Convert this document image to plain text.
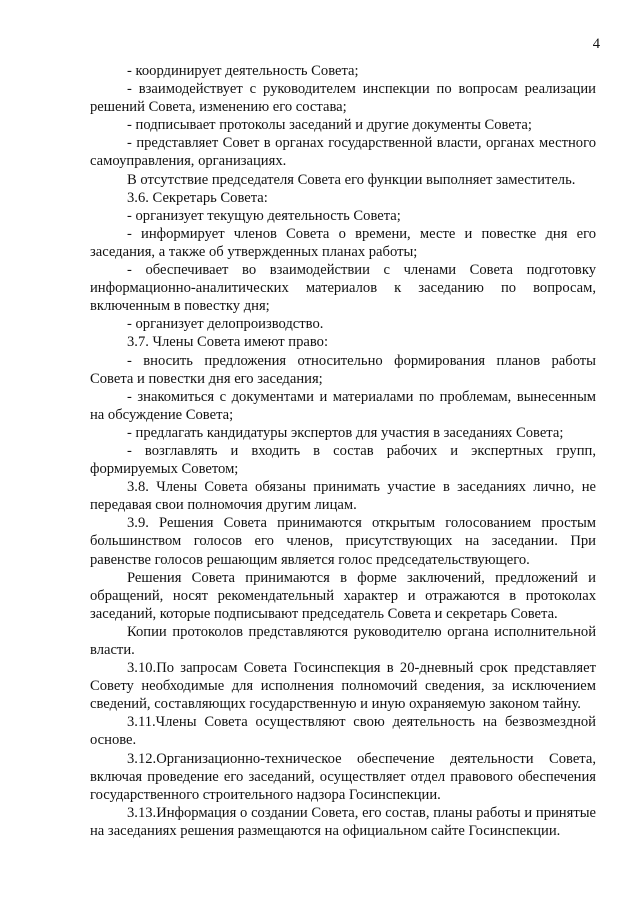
4

- координирует деятельность Совета;

- взаимодействует с руководителем инспекции по вопросам реализации решений Совета, изменению его состава;

- подписывает протоколы заседаний и другие документы Совета;

- представляет Совет в органах государственной власти, органах местного самоуправления, организациях.

В отсутствие председателя Совета его функции выполняет заместитель.

3.6. Секретарь Совета:

- организует текущую деятельность Совета;

- информирует членов Совета о времени, месте и повестке дня его заседания, а также об утвержденных планах работы;

- обеспечивает во взаимодействии с членами Совета подготовку информационно-аналитических материалов к заседанию по вопросам, включенным в повестку дня;

- организует делопроизводство.

3.7. Члены Совета имеют право:

- вносить предложения относительно формирования планов работы Совета и повестки дня его заседания;

- знакомиться с документами и материалами по проблемам, вынесенным на обсуждение Совета;

- предлагать кандидатуры экспертов для участия в заседаниях Совета;

- возглавлять и входить в состав рабочих и экспертных групп, формируемых Советом;

3.8. Члены Совета обязаны принимать участие в заседаниях лично, не передавая свои полномочия другим лицам.

3.9. Решения Совета принимаются открытым голосованием простым большинством голосов его членов, присутствующих на заседании. При равенстве голосов решающим является голос председательствующего.

Решения Совета принимаются в форме заключений, предложений и обращений, носят рекомендательный характер и отражаются в протоколах заседаний, которые подписывают председатель Совета и секретарь Совета.

Копии протоколов представляются руководителю органа исполнительной власти.

3.10.По запросам Совета Госинспекция в 20-дневный срок представляет Совету необходимые для исполнения полномочий сведения, за исключением сведений, составляющих государственную и иную охраняемую законом тайну.

3.11.Члены Совета осуществляют свою деятельность на безвозмездной основе.

3.12.Организационно-техническое обеспечение деятельности Совета, включая проведение его заседаний, осуществляет отдел правового обеспечения государственного строительного надзора Госинспекции.

3.13.Информация о создании Совета, его состав, планы работы и принятые на заседаниях решения размещаются на официальном сайте Госинспекции.
